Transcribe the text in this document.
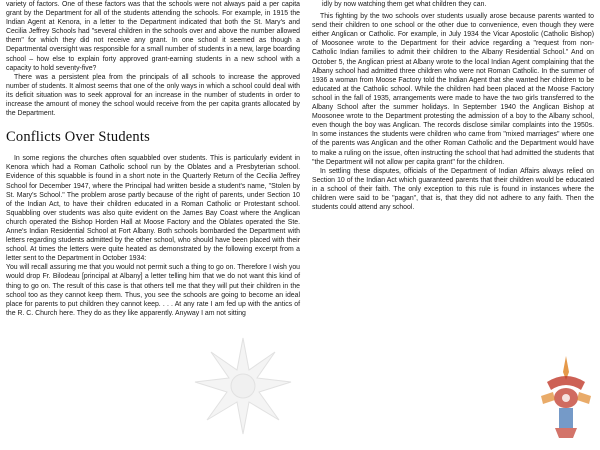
variety of factors. One of these factors was that the schools were not always paid a per capita grant by the Department for all of the students attending the schools. For example, in 1915 the Indian Agent at Kenora, in a letter to the Department indicated that both the St. Mary's and Cecilia Jeffrey Schools had "several children in the schools over and above the number allowed them" for which they did not receive any grant. In one school it seemed as though a Departmental oversight was responsible for a small number of students in a new, large boarding school – how else to explain forty approved grant-earning students in a new school with a capacity to hold seventy-five?

There was a persistent plea from the principals of all schools to increase the approved number of students. It almost seems that one of the only ways in which a school could deal with its deficit situation was to seek approval for an increase in the number of students in order to increase the amount of money the school would receive from the per capita grants allocated by the Department.

Conflicts Over Students

In some regions the churches often squabbled over students. This is particularly evident in Kenora which had a Roman Catholic school run by the Oblates and a Presbyterian school. Evidence of this squabble is found in a short note in the Quarterly Return of the Cecilia Jeffrey School for December 1947, where the Principal had written beside a student's name, "Stolen by St. Mary's School." The problem arose partly because of the right of parents, under Section 10 of the Indian Act, to have their children educated in a Roman Catholic or Protestant school. Squabbling over students was also quite evident on the James Bay Coast where the Anglican church operated the Bishop Horden Hall at Moose Factory and the Oblates operated the Ste. Anne's Indian Residential School at Fort Albany. Both schools bombarded the Department with letters regarding students admitted by the other school, who should have been placed with their school. At times the letters were quite heated as demonstrated by the following excerpt from a letter sent to the Department in October 1934:

You will recall assuring me that you would not permit such a thing to go on. Therefore I wish you would drop Fr. Bilodeau [principal at Albany] a letter telling him that we do not want this kind of thing to go on. The result of this case is that others tell me that they will put their children in the school too as they cannot keep them. Thus, you see the schools are going to become an ideal place for parents to put children they cannot keep. . . . At any rate I am fed up with the antics of the R. C. Church here. They do as they like apparently. Anyway I am not sitting

idly by now watching them get what children they can.

This fighting by the two schools over students usually arose because parents wanted to send their children to one school or the other due to convenience, even though they were either Anglican or Catholic. For example, in July 1934 the Vicar Apostolic (Catholic Bishop) of Moosonee wrote to the Department for their advice regarding a "request from non-Catholic Indian families to admit their children to the Albany Residential School." And on October 5, the Anglican priest at Albany wrote to the local Indian Agent complaining that the Albany school had admitted three children who were not Roman Catholic. In the summer of 1936 a woman from Moose Factory told the Indian Agent that she wanted her children to be educated at the Catholic school. While the children had been placed at the Moose Factory school in the fall of 1935, arrangements were made to have the two girls transferred to the Albany School after the summer holidays. In September 1940 the Anglican Bishop at Moosonee wrote to the Department protesting the admission of a boy to the Albany school, even though the boy was Anglican. The records disclose similar complaints into the 1950s. In some instances the students were children who came from "mixed marriages" where one of the parents was Anglican and the other Roman Catholic and the Department would have to make a ruling on the issue, often instructing the school that had admitted the students that "the Department will not allow per capita grant" for the children.

In settling these disputes, officials of the Department of Indian Affairs always relied on Section 10 of the Indian Act which guaranteed parents that their children would be educated in a school of their faith. The only exception to this rule is found in instances where the children were said to be "pagan", that is, that they did not adhere to any faith. Then the students could attend any school.
